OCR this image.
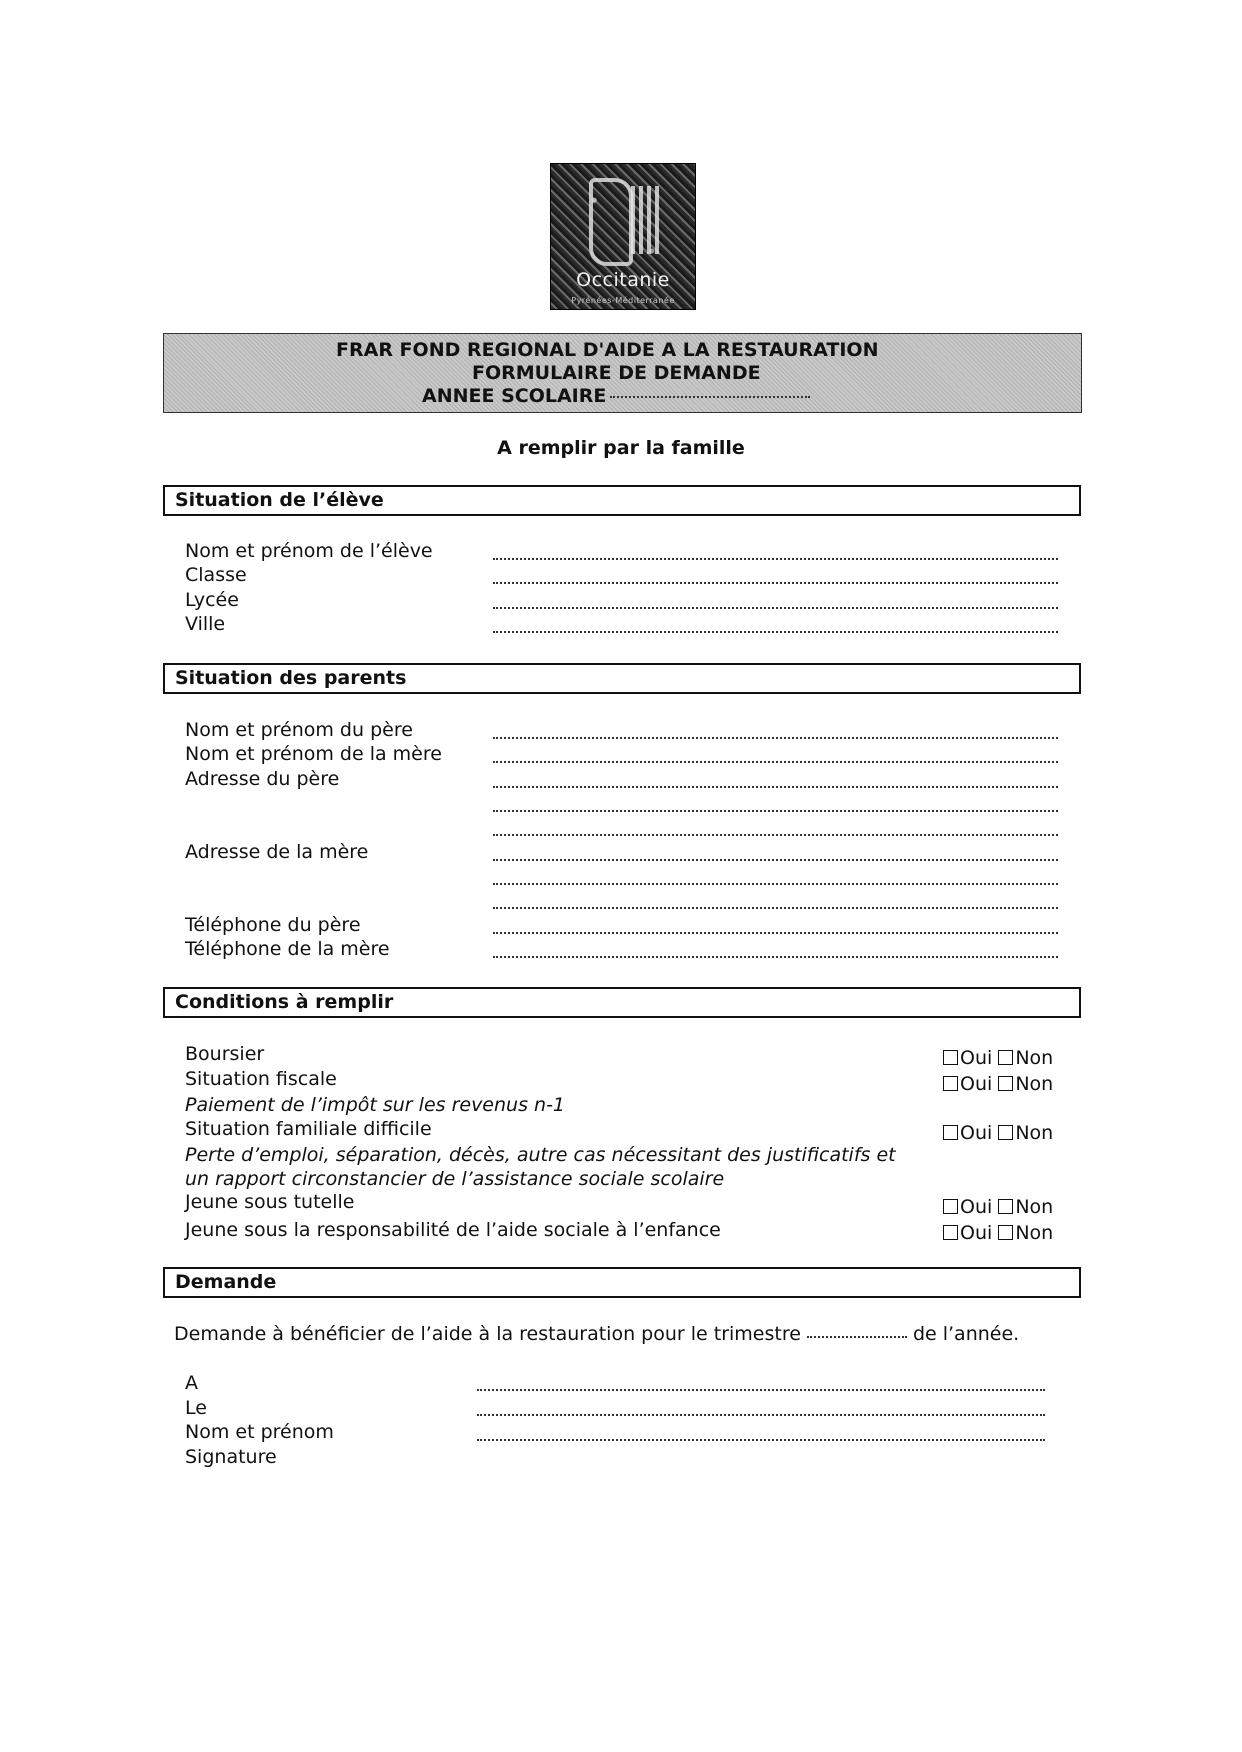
Occitanie
Pyrénées-Méditerranée
FRAR FOND REGIONAL D'AIDE A LA RESTAURATION
FORMULAIRE DE DEMANDE
ANNEE SCOLAIRE
A remplir par la famille
Situation de l’élève
Nom et prénom de l’élève
Classe
Lycée
Ville
Situation des parents
Nom et prénom du père
Nom et prénom de la mère
Adresse du père
Adresse de la mère
Téléphone du père
Téléphone de la mère
Conditions à remplir
Boursier	Oui Non
Situation fiscale	Oui Non
Paiement de l’impôt sur les revenus n-1
Situation familiale difficile	Oui Non
Perte d’emploi, séparation, décès, autre cas nécessitant des justificatifs et
un rapport circonstancier de l’assistance sociale scolaire
Jeune sous tutelle	Oui Non
Jeune sous la responsabilité de l’aide sociale à l’enfance	Oui Non
Demande
Demande à bénéficier de l’aide à la restauration pour le trimestre	de l’année.
A
Le
Nom et prénom
Signature
